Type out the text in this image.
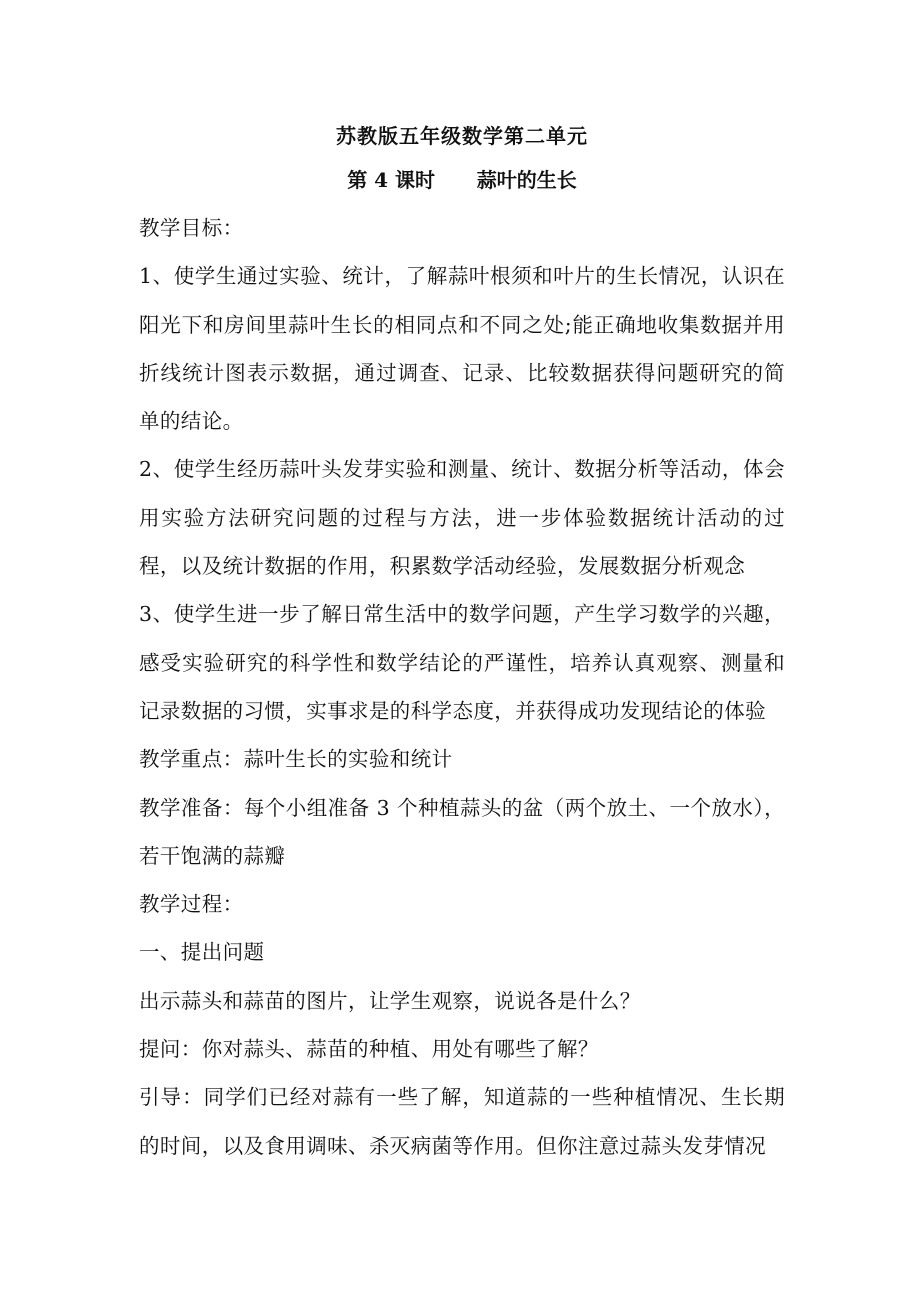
苏教版五年级数学第二单元
第 4 课时      蒜叶的生长

教学目标：

1、使学生通过实验、统计，了解蒜叶根须和叶片的生长情况，认识在阳光下和房间里蒜叶生长的相同点和不同之处;能正确地收集数据并用折线统计图表示数据，通过调查、记录、比较数据获得问题研究的简单的结论。

2、使学生经历蒜叶头发芽实验和测量、统计、数据分析等活动，体会用实验方法研究问题的过程与方法，进一步体验数据统计活动的过程，以及统计数据的作用，积累数学活动经验，发展数据分析观念

3、使学生进一步了解日常生活中的数学问题，产生学习数学的兴趣，感受实验研究的科学性和数学结论的严谨性，培养认真观察、测量和记录数据的习惯，实事求是的科学态度，并获得成功发现结论的体验

教学重点：蒜叶生长的实验和统计

教学准备：每个小组准备 3 个种植蒜头的盆（两个放土、一个放水），若干饱满的蒜瓣

教学过程：

一、提出问题

出示蒜头和蒜苗的图片，让学生观察，说说各是什么？

提问：你对蒜头、蒜苗的种植、用处有哪些了解？

引导：同学们已经对蒜有一些了解，知道蒜的一些种植情况、生长期的时间，以及食用调味、杀灭病菌等作用。但你注意过蒜头发芽情况
